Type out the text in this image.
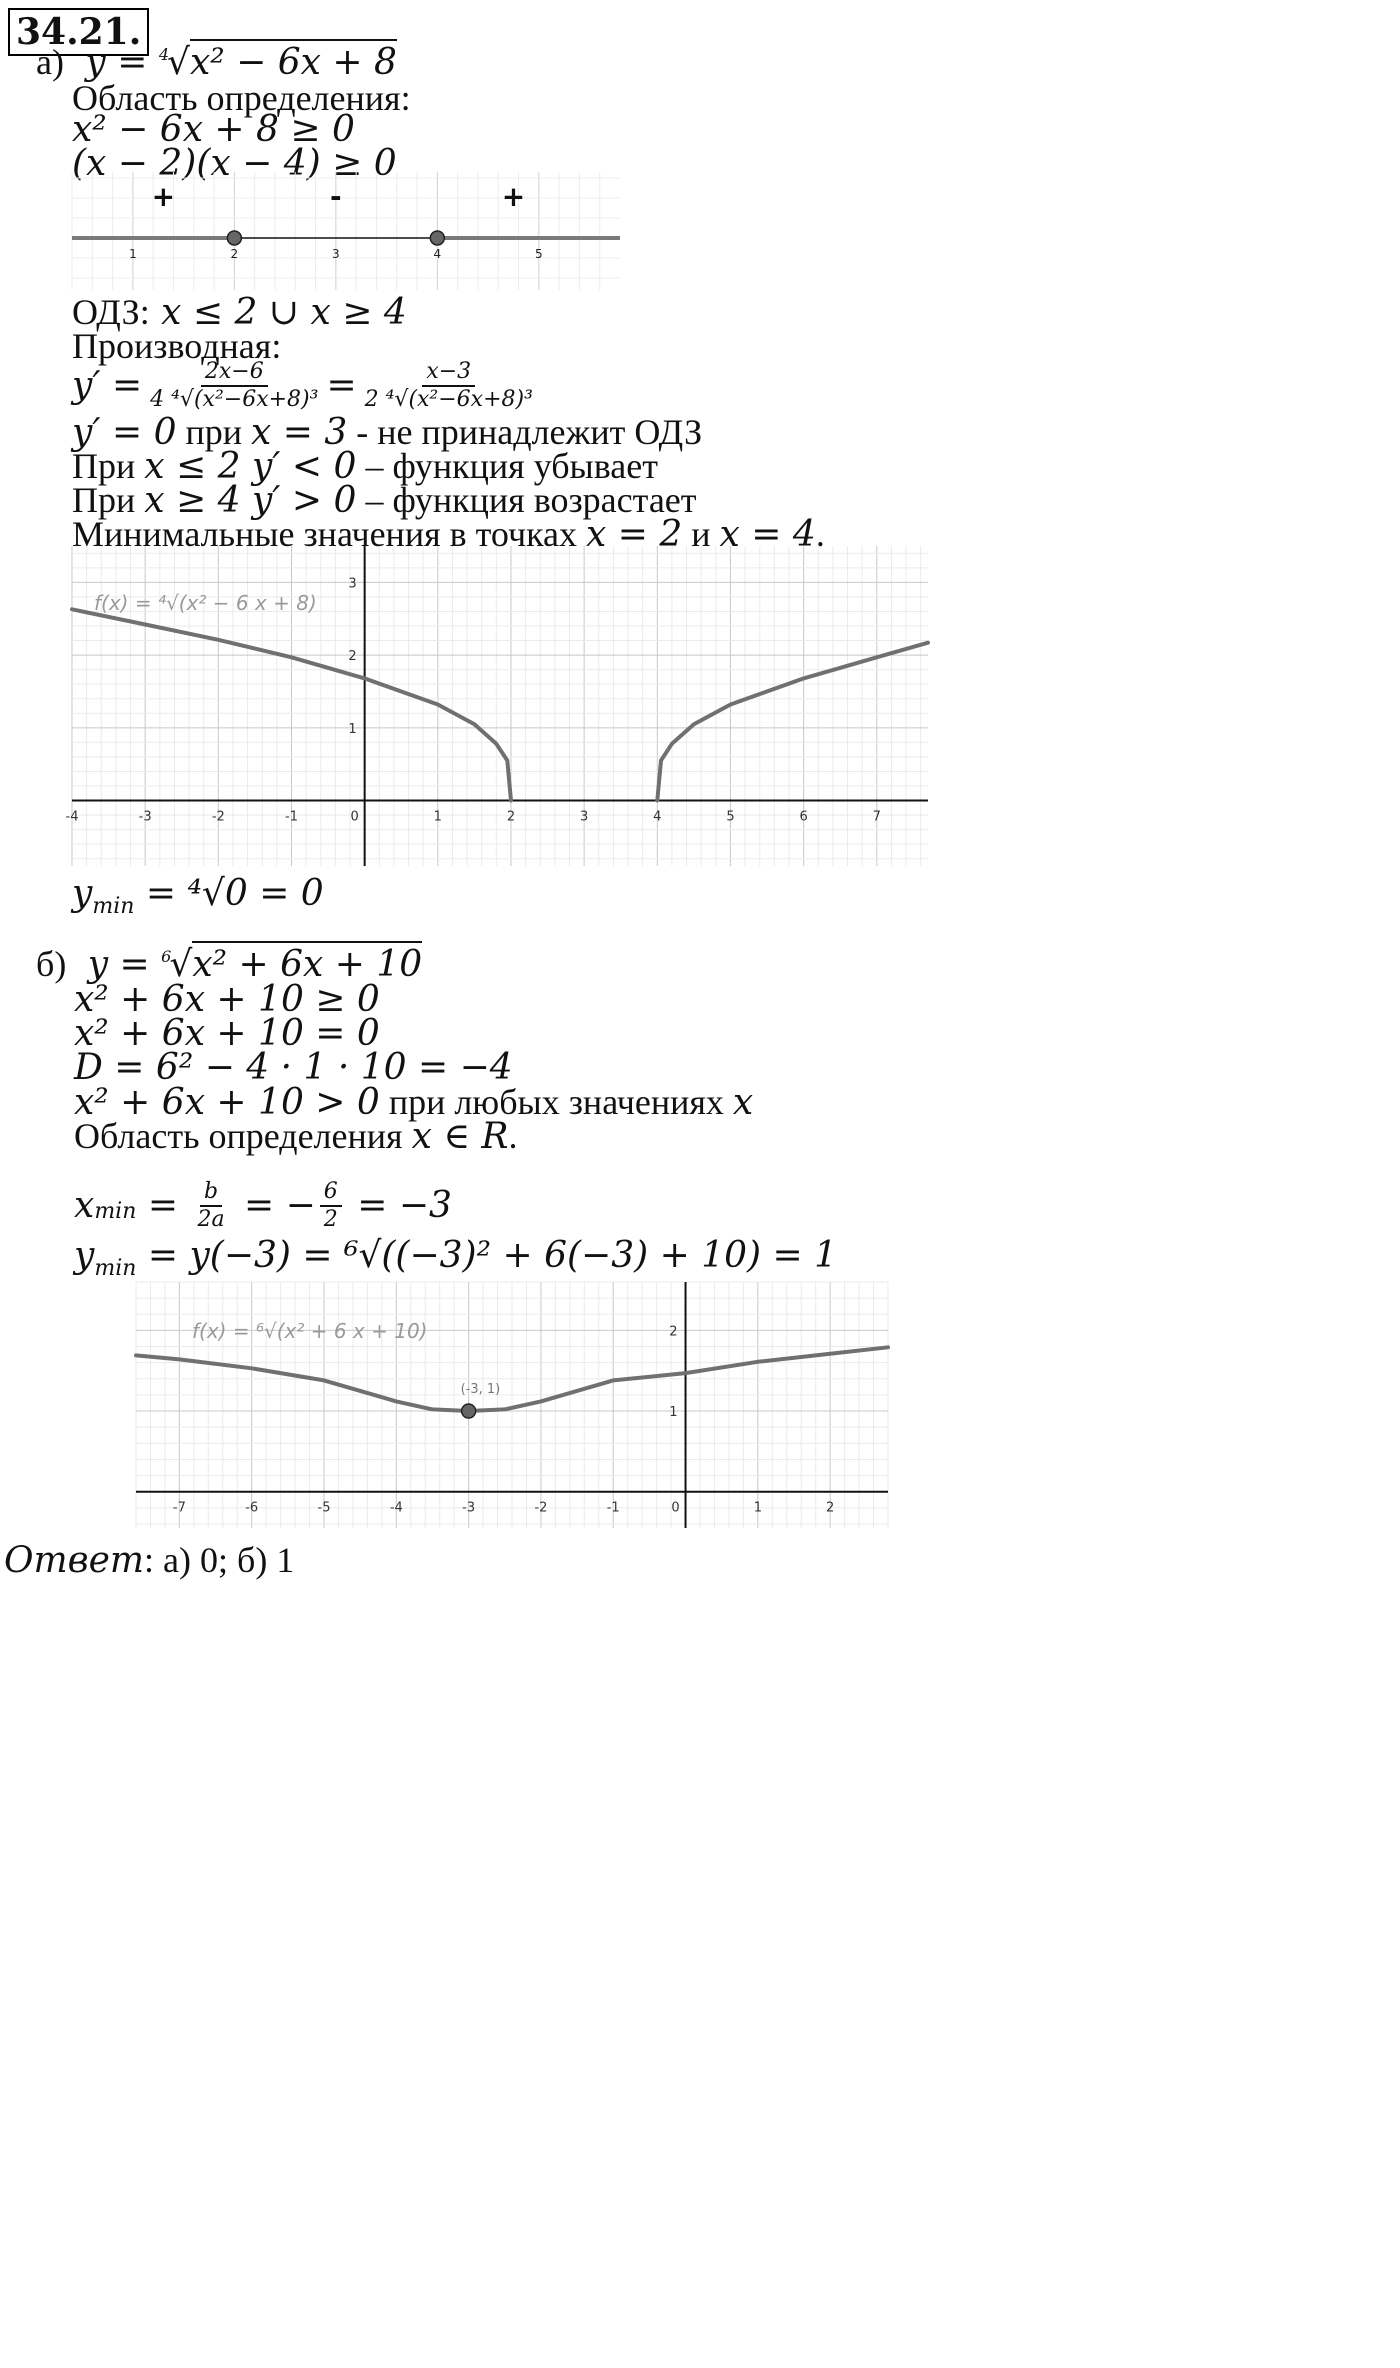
34.21.
а) y = $^4$√x² − 6x + 8
Область определения:
x² − 6x + 8 ≥ 0
(x − 2)(x − 4) ≥ 0
1	2	3	4	5
+	-	+
ОДЗ: x ≤ 2 ∪ x ≥ 4
Производная:
$y' = \frac{2x-6}{\text{4 ⁴√(x²−6x+8)³}} = \frac{x-3}{\text{2 ⁴√(x²−6x+8)³}}$
y′ = 0 при x = 3 - не принадлежит ОДЗ
При x ≤ 2 y′ < 0 – функция убывает
При x ≥ 4 y′ > 0 – функция возрастает
Минимальные значения в точках x = 2 и x = 4.
-4	-3	-2	-1	0	1	2	3	4	5	6	7
1
2
3
f(x) = ⁴√(x² − 6 x + 8)
$y_{min} = ^4√0 = 0$
б) y = $^6$√x² + 6x + 10
x² + 6x + 10 ≥ 0
x² + 6x + 10 = 0
D = 6² − 4 · 1 · 10 = −4
x² + 6x + 10 > 0 при любых значениях x
Область определения x ∈ R.
x $\min = \frac{b}{2a}$ = − $\frac{6}{2} = -3$
$y_{min} = y(-3) = ^6√((-3)^2 + 6(-3) + 10) = 1$
-7	-6	-5	-4	-3	-2	-1	0	1	2
1
2
f(x) = ⁶√(x² + 6 x + 10)
(-3, 1)
Ответ: а) 0; б) 1
